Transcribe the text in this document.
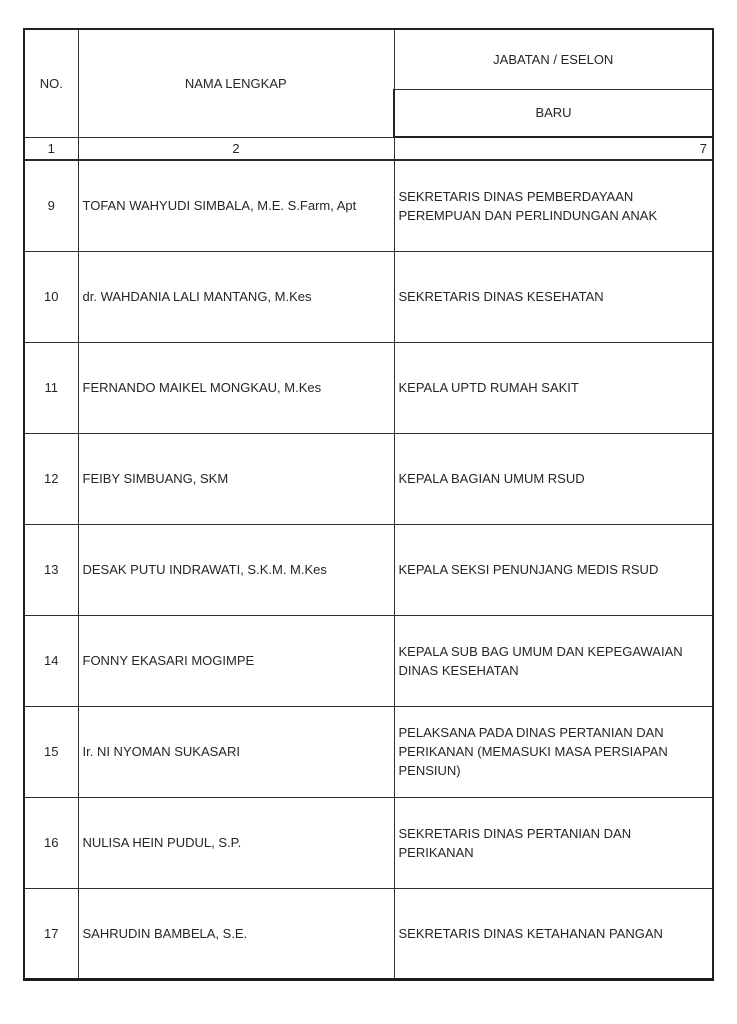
NO.	NAMA LENGKAP	JABATAN / ESELON
		BARU
1	2	7
9	TOFAN WAHYUDI SIMBALA, M.E. S.Farm, Apt	SEKRETARIS DINAS PEMBERDAYAAN PEREMPUAN DAN PERLINDUNGAN ANAK
10	dr. WAHDANIA LALI MANTANG, M.Kes	SEKRETARIS DINAS KESEHATAN
11	FERNANDO MAIKEL MONGKAU, M.Kes	KEPALA UPTD RUMAH SAKIT
12	FEIBY SIMBUANG, SKM	KEPALA BAGIAN UMUM RSUD
13	DESAK PUTU INDRAWATI, S.K.M. M.Kes	KEPALA SEKSI PENUNJANG MEDIS RSUD
14	FONNY EKASARI MOGIMPE	KEPALA SUB BAG UMUM DAN KEPEGAWAIAN DINAS KESEHATAN
15	Ir. NI NYOMAN SUKASARI	PELAKSANA PADA DINAS PERTANIAN DAN PERIKANAN (MEMASUKI MASA PERSIAPAN PENSIUN)
16	NULISA HEIN PUDUL, S.P.	SEKRETARIS DINAS PERTANIAN DAN PERIKANAN
17	SAHRUDIN BAMBELA, S.E.	SEKRETARIS DINAS KETAHANAN PANGAN
